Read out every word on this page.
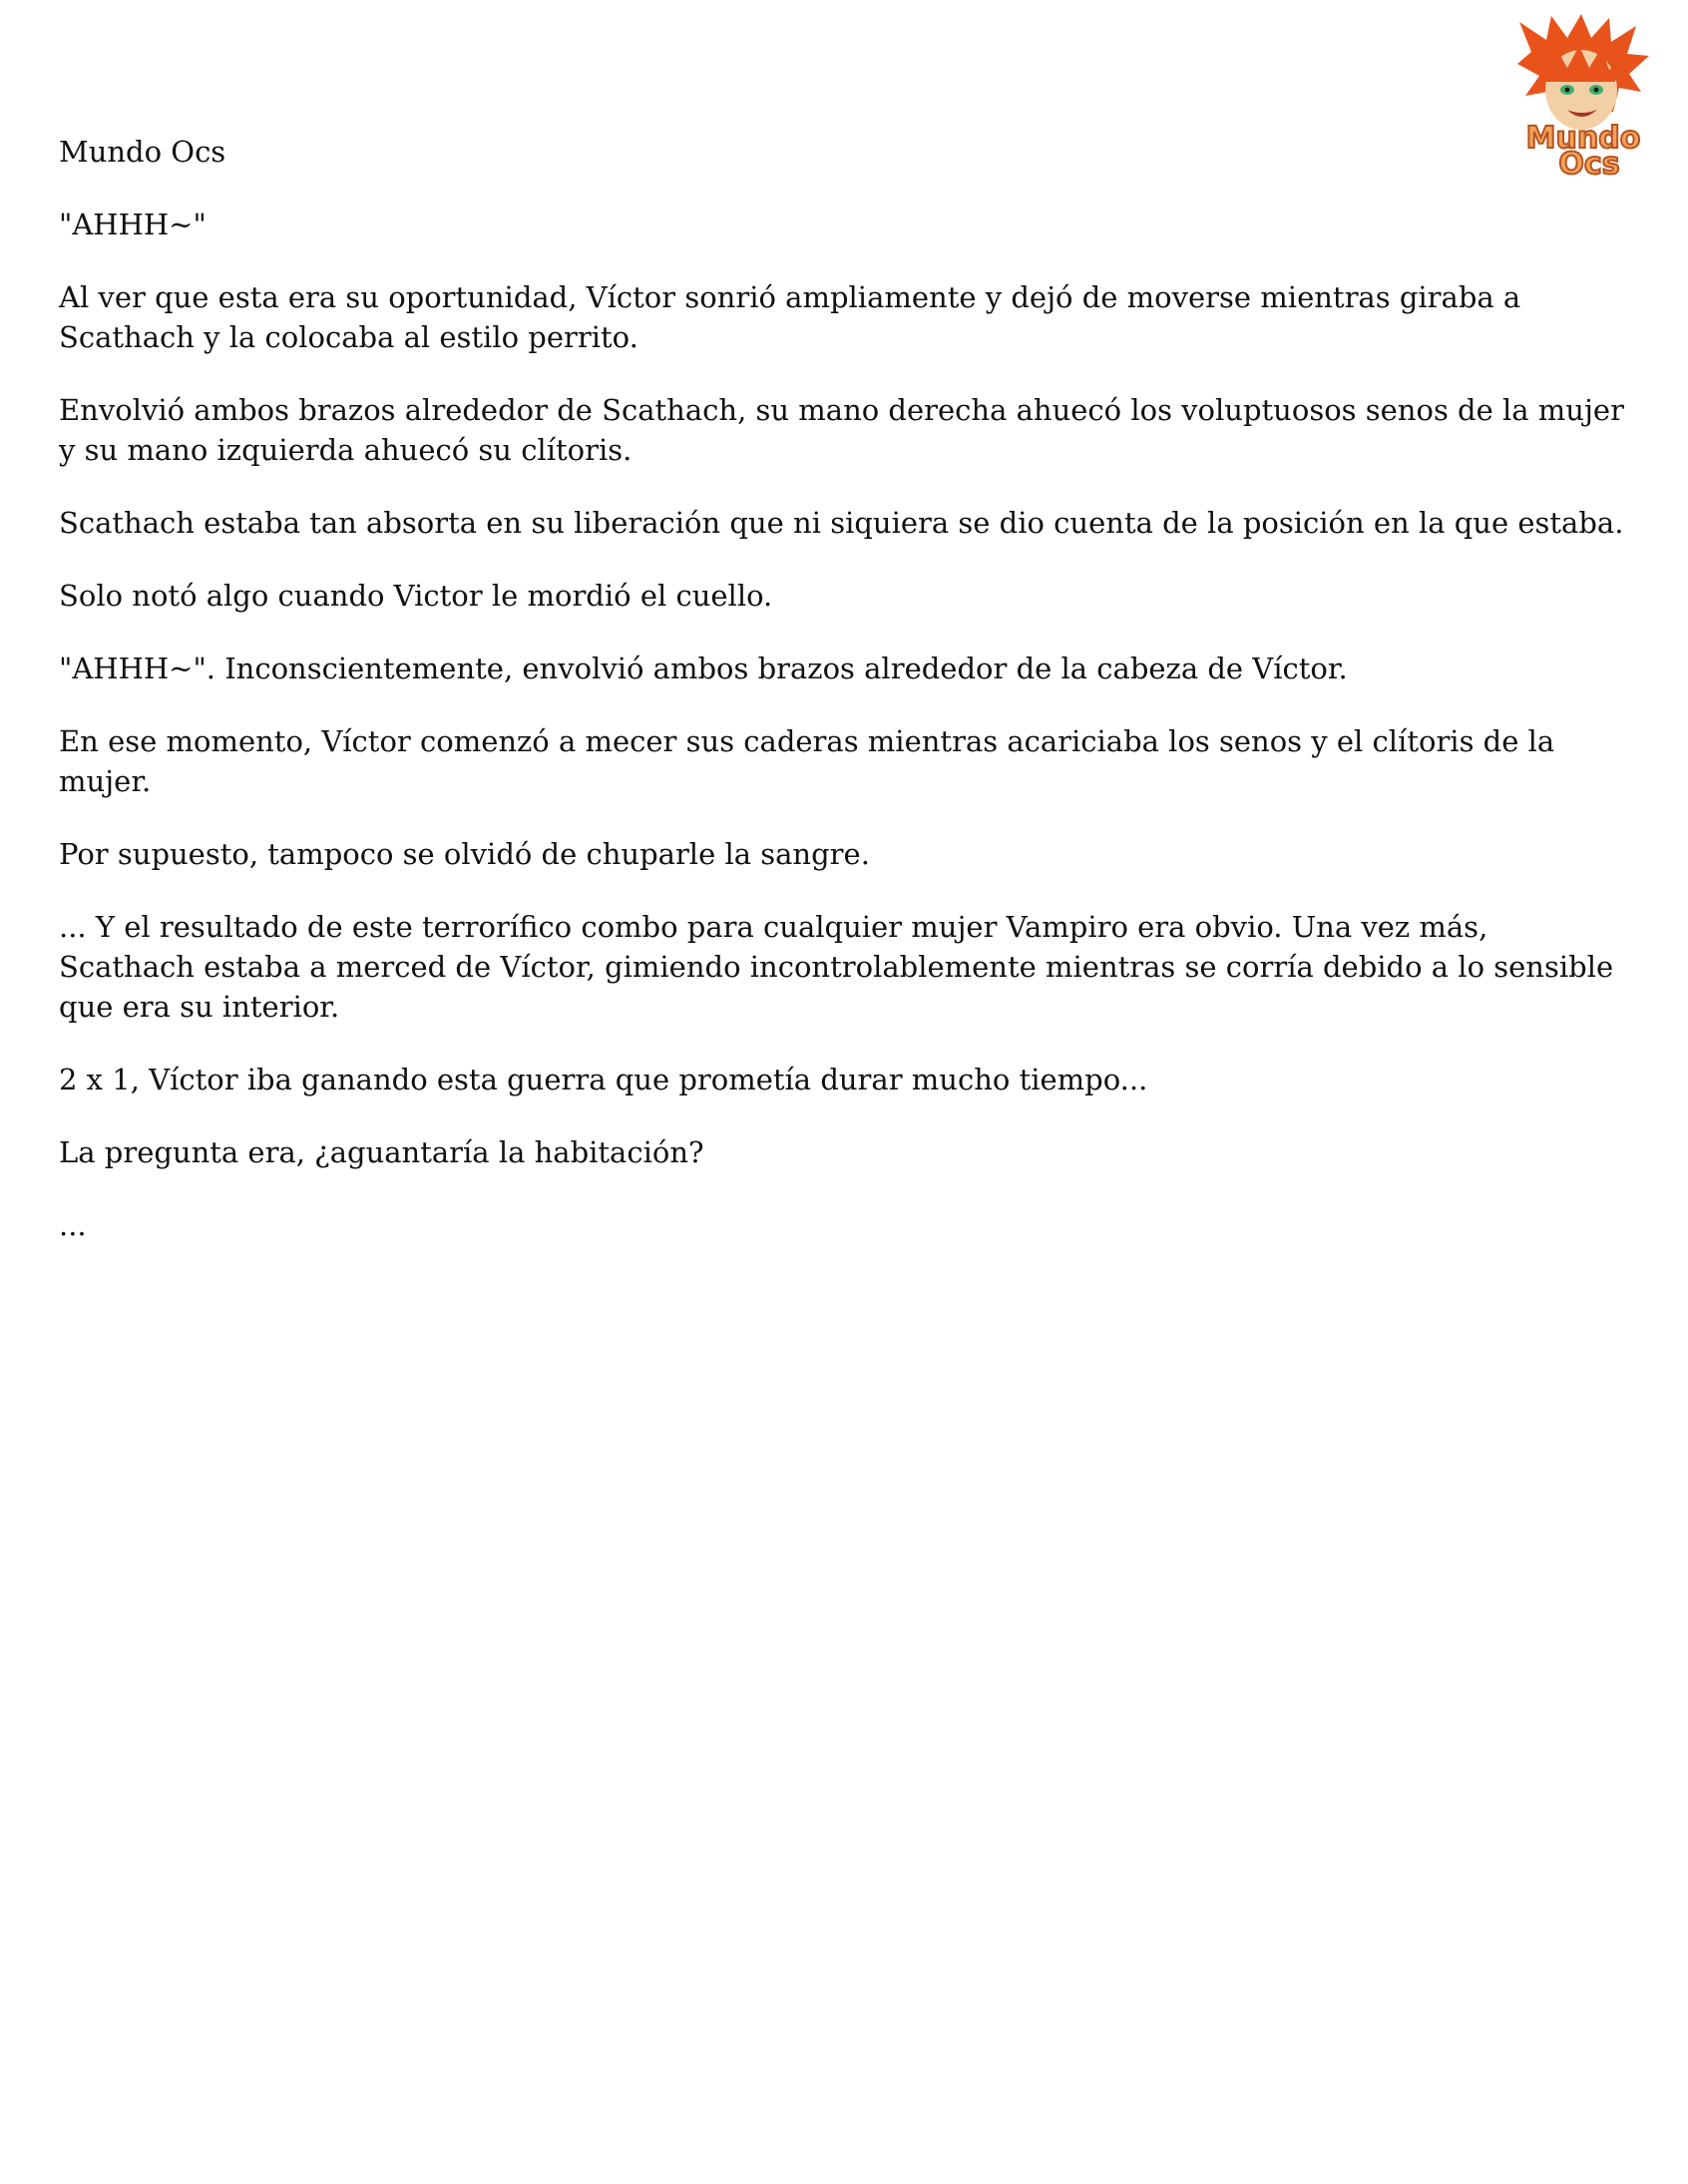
Mundo
Ocs

Mundo Ocs

"AHHH~"

Al ver que esta era su oportunidad, Víctor sonrió ampliamente y dejó de moverse mientras giraba a Scathach y la colocaba al estilo perrito.

Envolvió ambos brazos alrededor de Scathach, su mano derecha ahuecó los voluptuosos senos de la mujer y su mano izquierda ahuecó su clítoris.

Scathach estaba tan absorta en su liberación que ni siquiera se dio cuenta de la posición en la que estaba.

Solo notó algo cuando Victor le mordió el cuello.

"AHHH~". Inconscientemente, envolvió ambos brazos alrededor de la cabeza de Víctor.

En ese momento, Víctor comenzó a mecer sus caderas mientras acariciaba los senos y el clítoris de la mujer.

Por supuesto, tampoco se olvidó de chuparle la sangre.

... Y el resultado de este terrorífico combo para cualquier mujer Vampiro era obvio. Una vez más, Scathach estaba a merced de Víctor, gimiendo incontrolablemente mientras se corría debido a lo sensible que era su interior.

2 x 1, Víctor iba ganando esta guerra que prometía durar mucho tiempo...

La pregunta era, ¿aguantaría la habitación?

...
